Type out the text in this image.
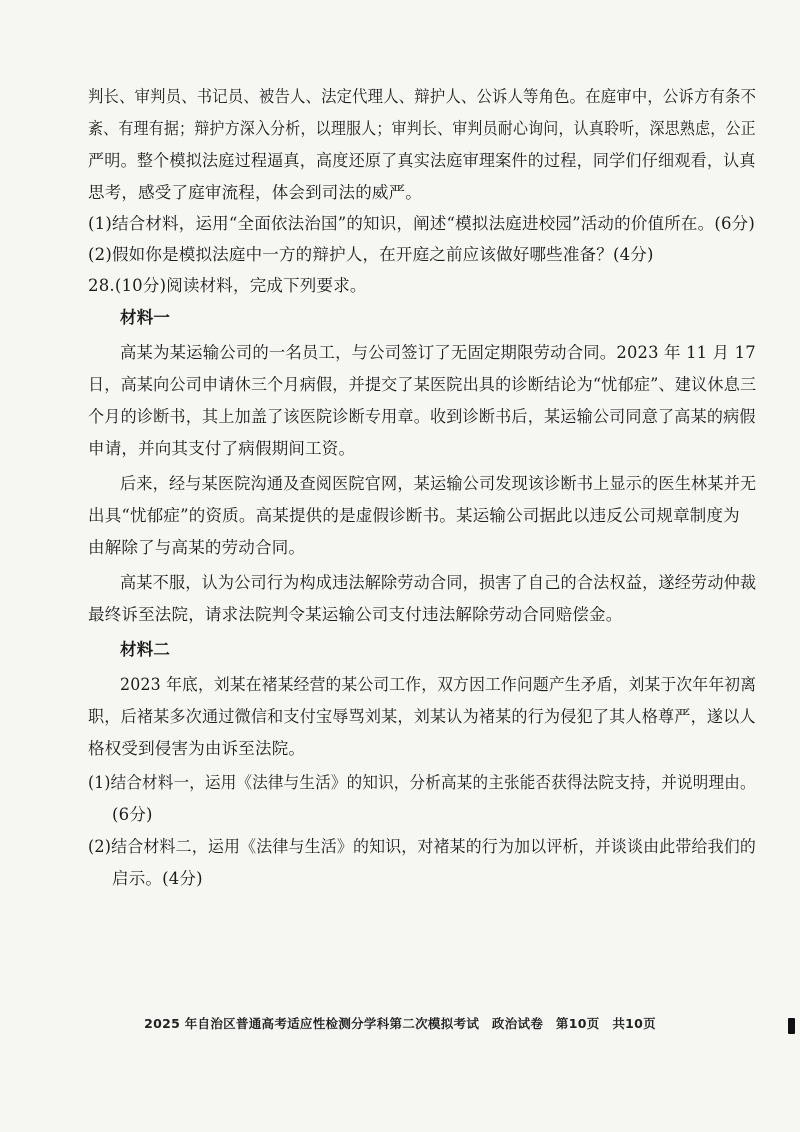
判长、审判员、书记员、被告人、法定代理人、辩护人、公诉人等角色。在庭审中，公诉方有条不
紊、有理有据；辩护方深入分析，以理服人；审判长、审判员耐心询问，认真聆听，深思熟虑，公正
严明。整个模拟法庭过程逼真，高度还原了真实法庭审理案件的过程，同学们仔细观看，认真
思考，感受了庭审流程，体会到司法的威严。
(1)结合材料，运用“全面依法治国”的知识，阐述“模拟法庭进校园”活动的价值所在。(6分)
(2)假如你是模拟法庭中一方的辩护人，在开庭之前应该做好哪些准备？(4分)
28.(10分)阅读材料，完成下列要求。
材料一
高某为某运输公司的一名员工，与公司签订了无固定期限劳动合同。2023 年 11 月 17
日，高某向公司申请休三个月病假，并提交了某医院出具的诊断结论为“忧郁症”、建议休息三
个月的诊断书，其上加盖了该医院诊断专用章。收到诊断书后，某运输公司同意了高某的病假
申请，并向其支付了病假期间工资。
后来，经与某医院沟通及查阅医院官网，某运输公司发现该诊断书上显示的医生林某并无
出具“忧郁症”的资质。高某提供的是虚假诊断书。某运输公司据此以违反公司规章制度为
由解除了与高某的劳动合同。
高某不服，认为公司行为构成违法解除劳动合同，损害了自己的合法权益，遂经劳动仲裁
最终诉至法院，请求法院判令某运输公司支付违法解除劳动合同赔偿金。
材料二
2023 年底，刘某在褚某经营的某公司工作，双方因工作问题产生矛盾，刘某于次年年初离
职，后褚某多次通过微信和支付宝辱骂刘某，刘某认为褚某的行为侵犯了其人格尊严，遂以人
格权受到侵害为由诉至法院。
(1)结合材料一，运用《法律与生活》的知识，分析高某的主张能否获得法院支持，并说明理由。
(6分)
(2)结合材料二，运用《法律与生活》的知识，对褚某的行为加以评析，并谈谈由此带给我们的
启示。(4分)
2025 年自治区普通高考适应性检测分学科第二次模拟考试　政治试卷　第10页　共10页
